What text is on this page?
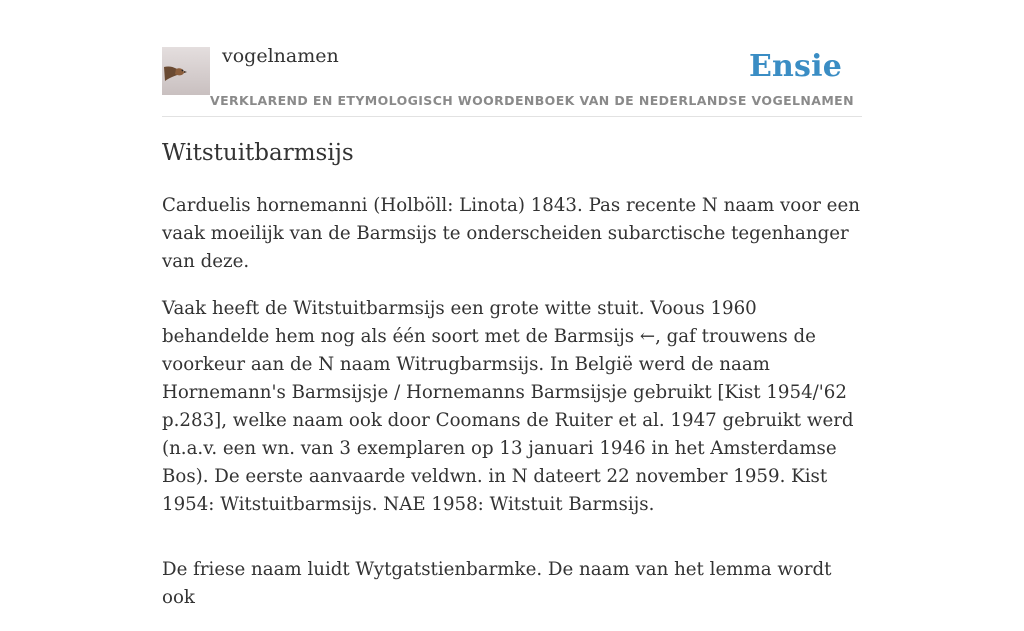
vogelnamen	Ensie
VERKLAREND EN ETYMOLOGISCH WOORDENBOEK VAN DE NEDERLANDSE VOGELNAMEN
Witstuitbarmsijs

Carduelis hornemanni (Holböll: Linota) 1843. Pas recente N naam voor een vaak moeilijk van de Barmsijs te onderscheiden subarctische tegenhanger van deze.

Vaak heeft de Witstuitbarmsijs een grote witte stuit. Voous 1960 behandelde hem nog als één soort met de Barmsijs ←, gaf trouwens de voorkeur aan de N naam Witrugbarmsijs. In België werd de naam Hornemann's Barmsijsje / Hornemanns Barmsijsje gebruikt [Kist 1954/'62 p.283], welke naam ook door Coomans de Ruiter et al. 1947 gebruikt werd (n.a.v. een wn. van 3 exemplaren op 13 januari 1946 in het Amsterdamse Bos). De eerste aanvaarde veldwn. in N dateert 22 november 1959. Kist 1954: Witstuitbarmsijs. NAE 1958: Witstuit Barmsijs.

De friese naam luidt Wytgatstienbarmke. De naam van het lemma wordt ook
